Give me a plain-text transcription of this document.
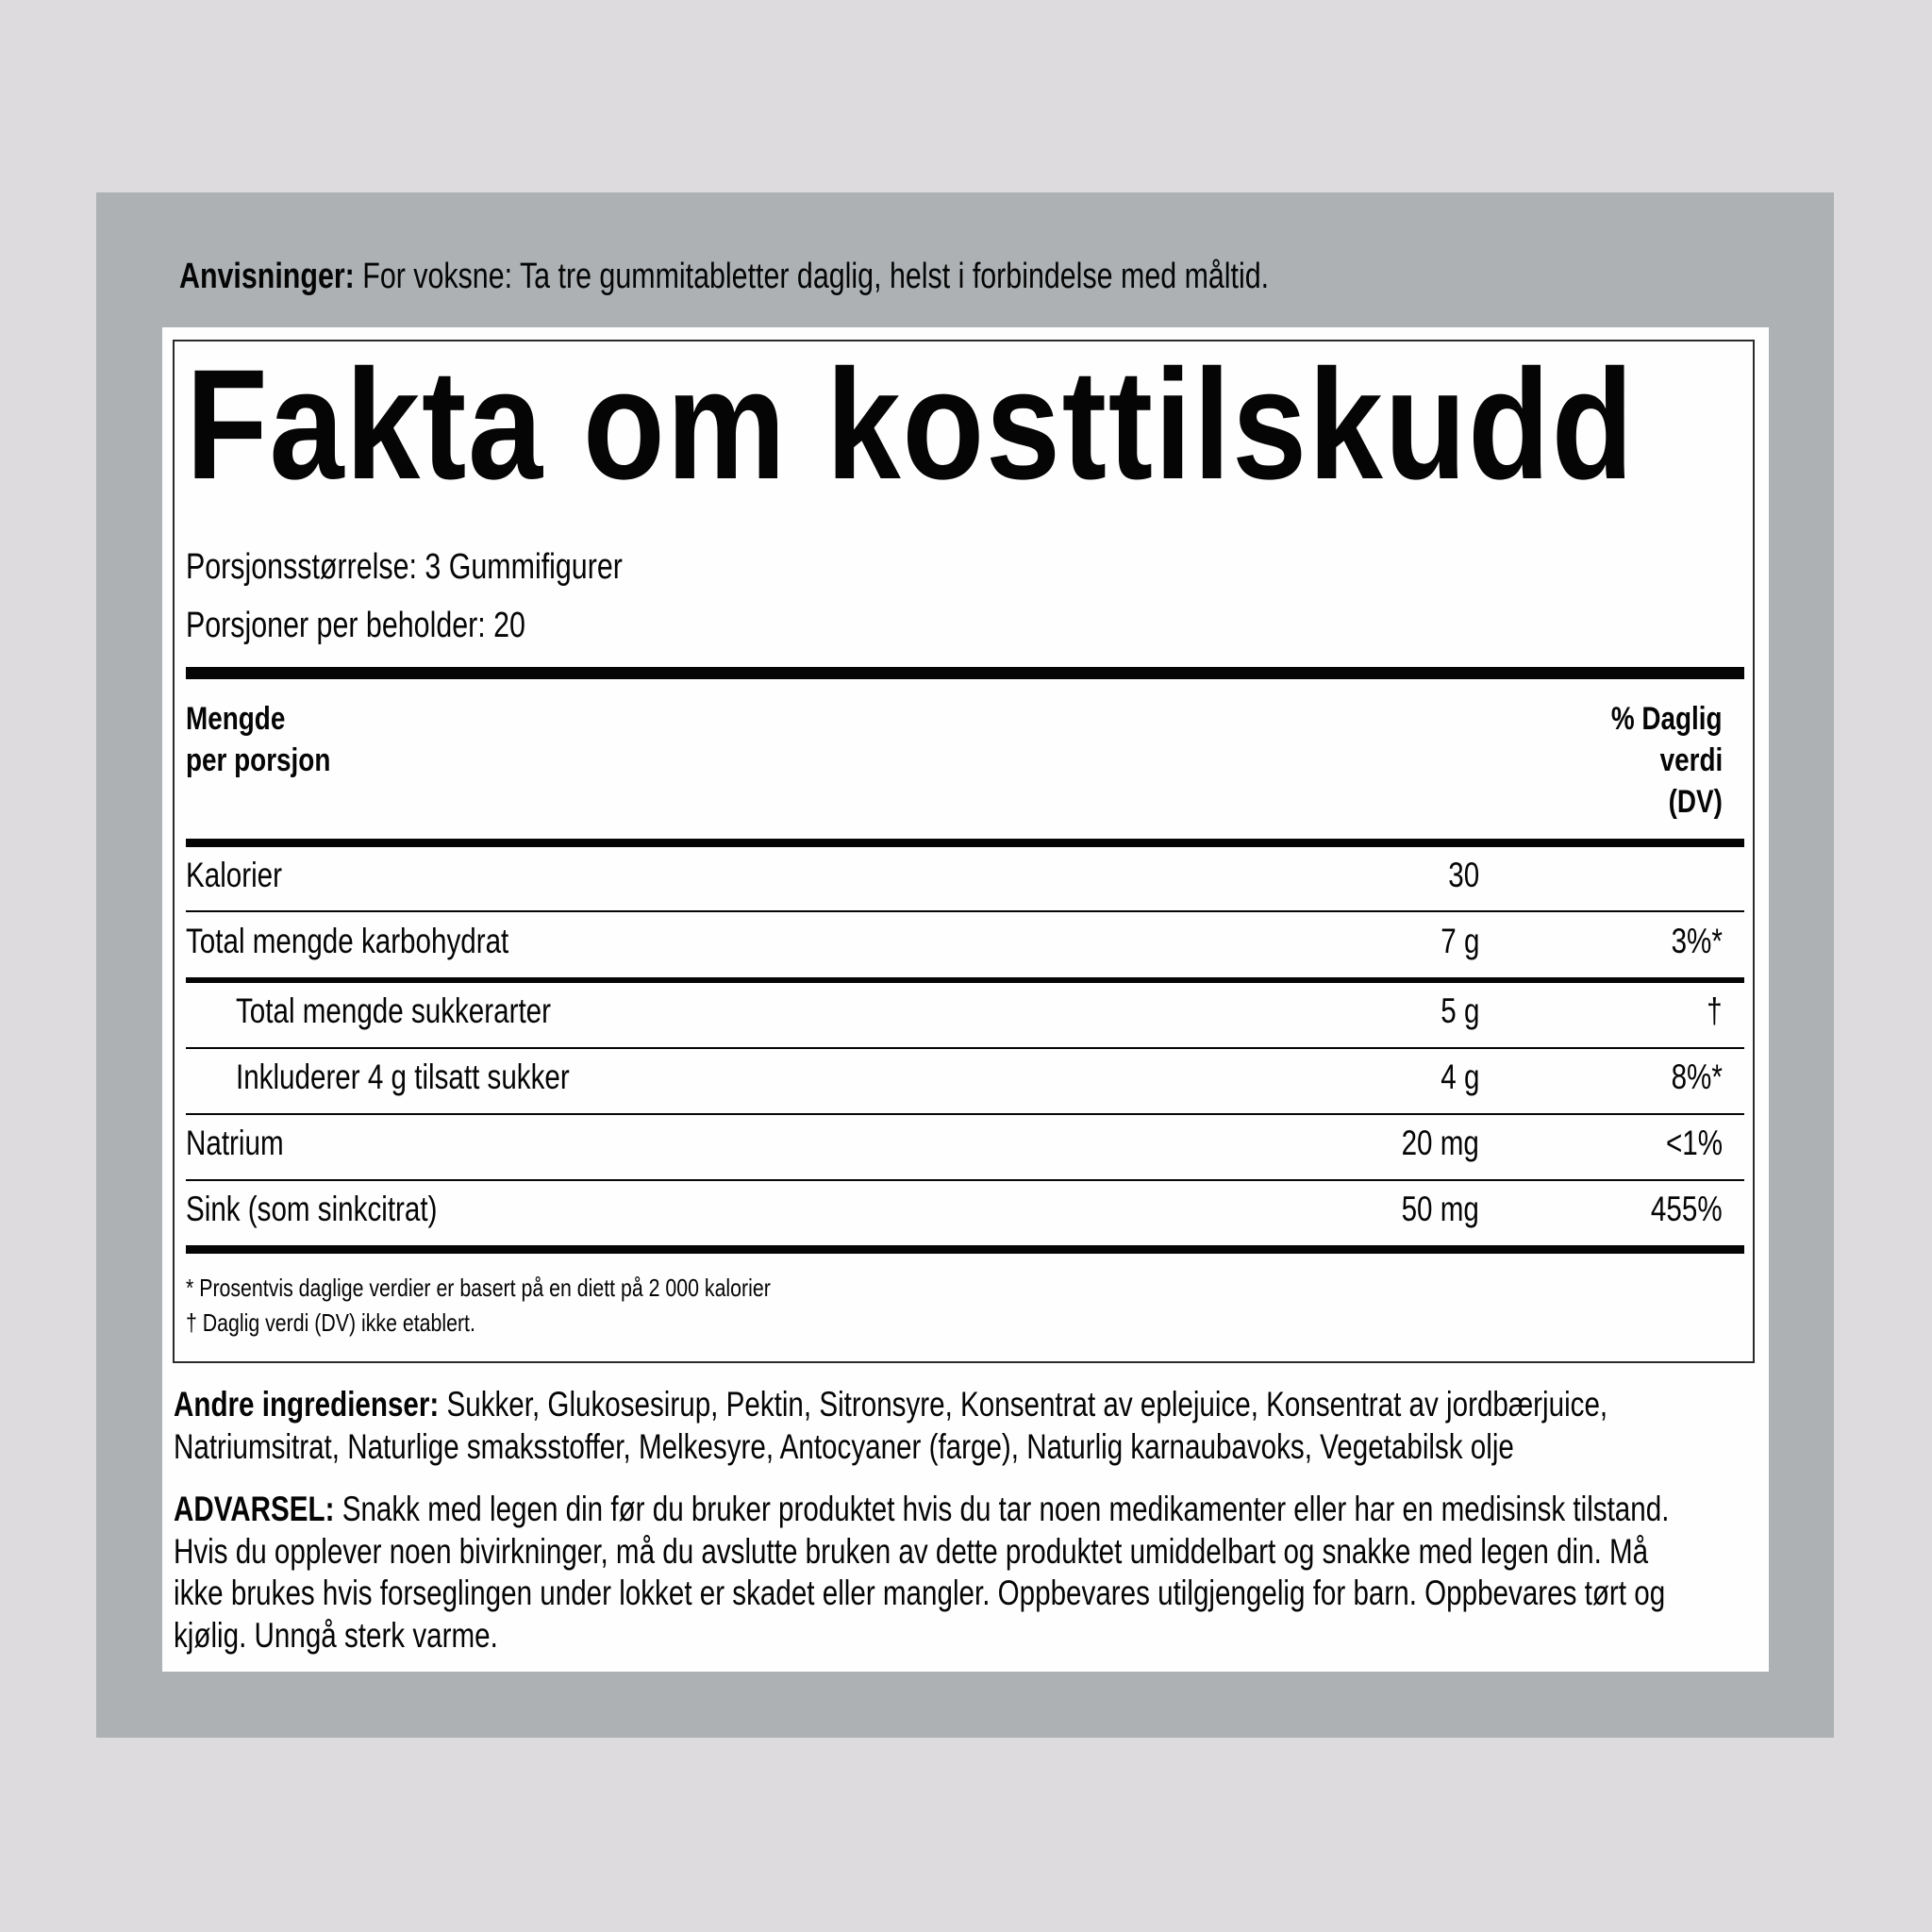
Anvisninger: For voksne: Ta tre gummitabletter daglig, helst i forbindelse med måltid.
Fakta om kosttilskudd
Porsjonsstørrelse: 3 Gummifigurer
Porsjoner per beholder: 20
Mengde
per porsjon
% Daglig
verdi
(DV)
Kalorier	30
Total mengde karbohydrat	7 g	3%*
Total mengde sukkerarter	5 g	†
Inkluderer 4 g tilsatt sukker	4 g	8%*
Natrium	20 mg	<1%
Sink (som sinkcitrat)	50 mg	455%
* Prosentvis daglige verdier er basert på en diett på 2 000 kalorier
† Daglig verdi (DV) ikke etablert.
Andre ingredienser: Sukker, Glukosesirup, Pektin, Sitronsyre, Konsentrat av eplejuice, Konsentrat av jordbærjuice,
Natriumsitrat, Naturlige smaksstoffer, Melkesyre, Antocyaner (farge), Naturlig karnaubavoks, Vegetabilsk olje
ADVARSEL: Snakk med legen din før du bruker produktet hvis du tar noen medikamenter eller har en medisinsk tilstand.
Hvis du opplever noen bivirkninger, må du avslutte bruken av dette produktet umiddelbart og snakke med legen din. Må
ikke brukes hvis forseglingen under lokket er skadet eller mangler. Oppbevares utilgjengelig for barn. Oppbevares tørt og
kjølig. Unngå sterk varme.
